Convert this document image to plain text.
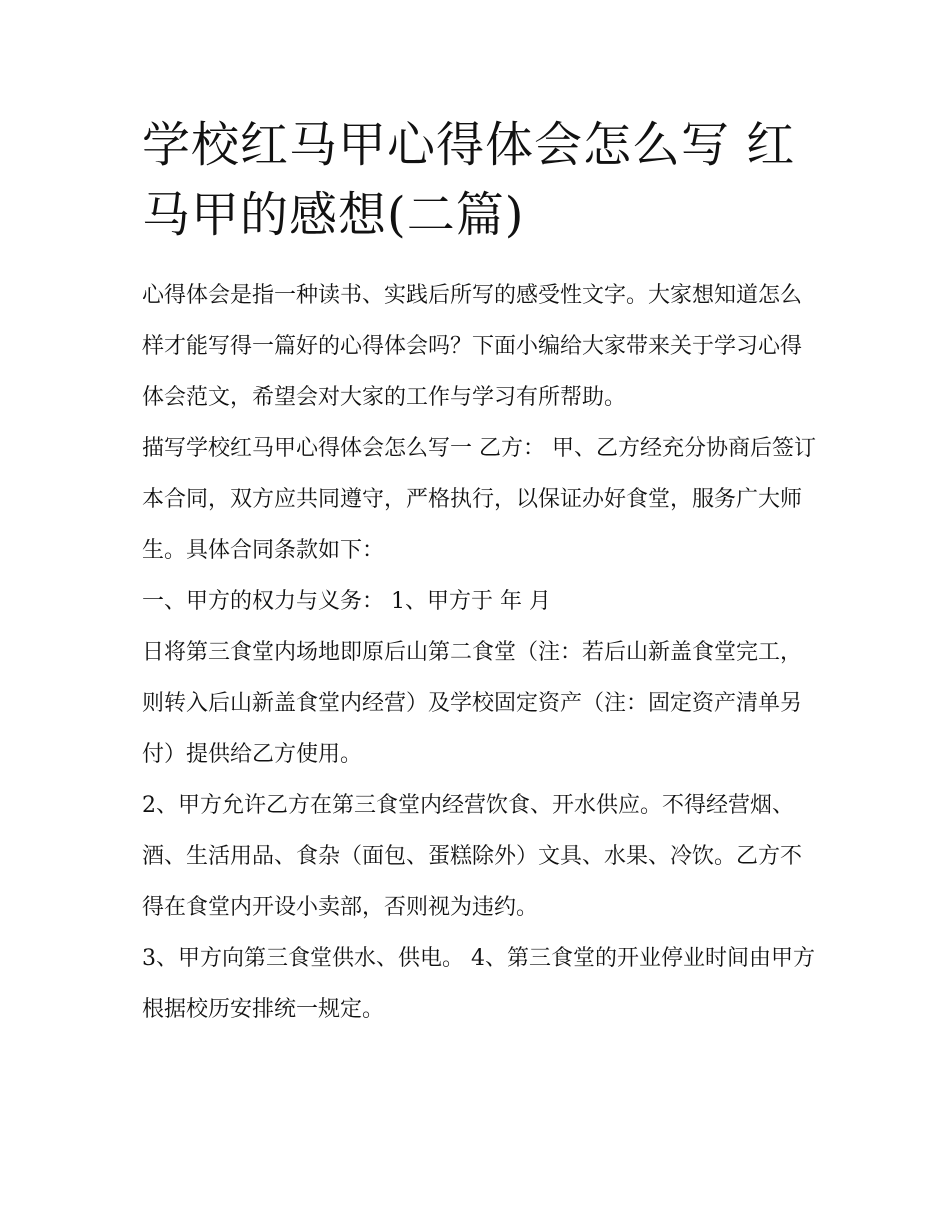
学校红马甲心得体会怎么写 红马甲的感想(二篇)

心得体会是指一种读书、实践后所写的感受性文字。大家想知道怎么样才能写得一篇好的心得体会吗？下面小编给大家带来关于学习心得体会范文，希望会对大家的工作与学习有所帮助。

描写学校红马甲心得体会怎么写一 乙方： 甲、乙方经充分协商后签订本合同，双方应共同遵守，严格执行，以保证办好食堂，服务广大师生。具体合同条款如下：

一、甲方的权力与义务： 1、甲方于 年 月

日将第三食堂内场地即原后山第二食堂（注：若后山新盖食堂完工，则转入后山新盖食堂内经营）及学校固定资产（注：固定资产清单另付）提供给乙方使用。

2、甲方允许乙方在第三食堂内经营饮食、开水供应。不得经营烟、酒、生活用品、食杂（面包、蛋糕除外）文具、水果、冷饮。乙方不得在食堂内开设小卖部，否则视为违约。

3、甲方向第三食堂供水、供电。 4、第三食堂的开业停业时间由甲方根据校历安排统一规定。
